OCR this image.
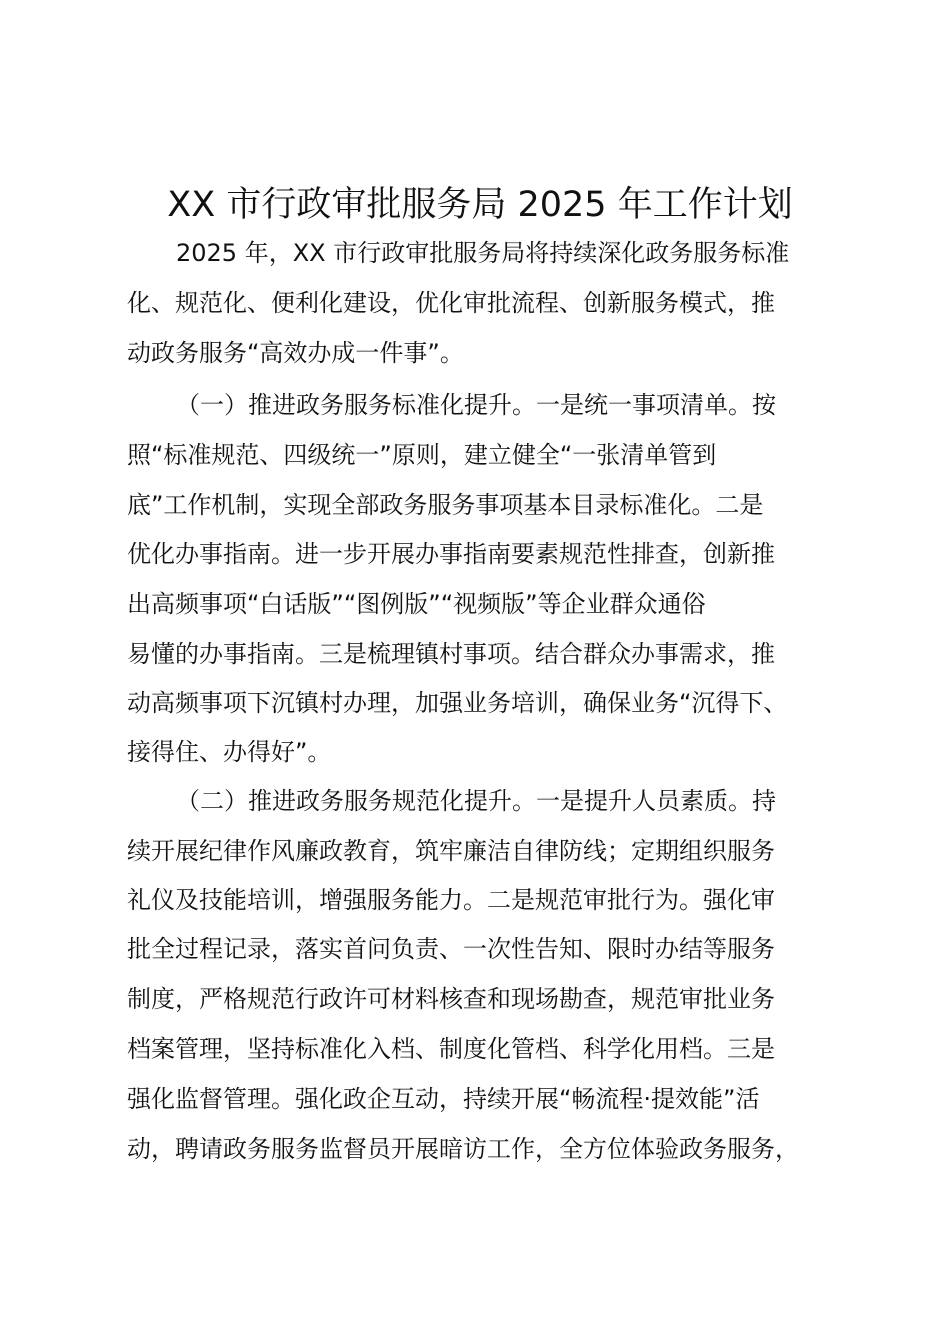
XX 市行政审批服务局 2025 年工作计划
2025 年，XX 市行政审批服务局将持续深化政务服务标准
化、规范化、便利化建设，优化审批流程、创新服务模式，推
动政务服务“高效办成一件事”。
（一）推进政务服务标准化提升。一是统一事项清单。按
照“标准规范、四级统一”原则，建立健全“一张清单管到
底”工作机制，实现全部政务服务事项基本目录标准化。二是
优化办事指南。进一步开展办事指南要素规范性排查，创新推
出高频事项“白话版”“图例版”“视频版”等企业群众通俗
易懂的办事指南。三是梳理镇村事项。结合群众办事需求，推
动高频事项下沉镇村办理，加强业务培训，确保业务“沉得下、
接得住、办得好”。
（二）推进政务服务规范化提升。一是提升人员素质。持
续开展纪律作风廉政教育，筑牢廉洁自律防线；定期组织服务
礼仪及技能培训，增强服务能力。二是规范审批行为。强化审
批全过程记录，落实首问负责、一次性告知、限时办结等服务
制度，严格规范行政许可材料核查和现场勘查，规范审批业务
档案管理，坚持标准化入档、制度化管档、科学化用档。三是
强化监督管理。强化政企互动，持续开展“畅流程·提效能”活
动，聘请政务服务监督员开展暗访工作，全方位体验政务服务，
